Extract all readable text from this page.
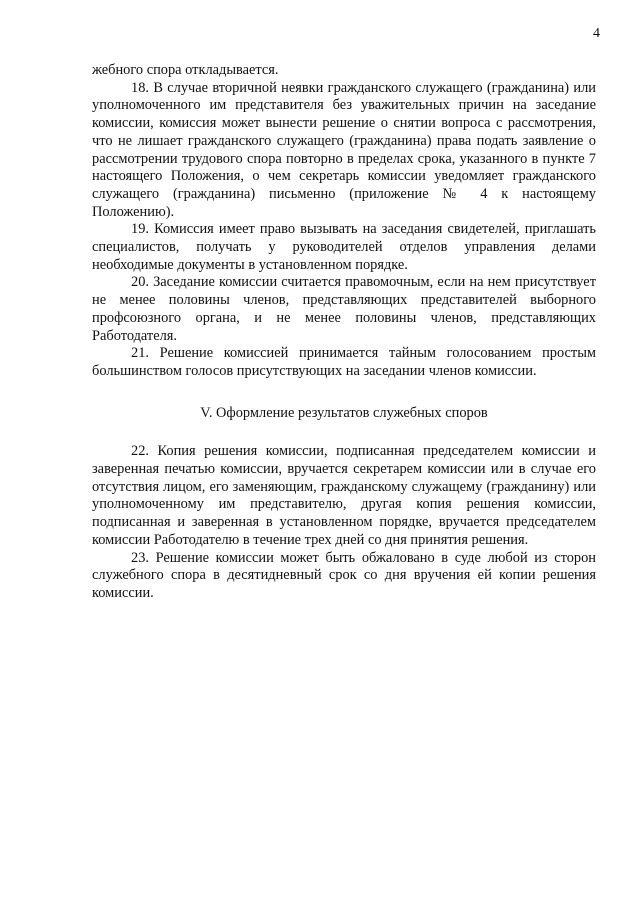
4

жебного спора откладывается.

18. В случае вторичной неявки гражданского служащего (гражданина) или уполномоченного им представителя без уважительных причин на заседание комиссии, комиссия может вынести решение о снятии вопроса с рассмотрения, что не лишает гражданского служащего (гражданина) права подать заявление о рассмотрении трудового спора повторно в пределах срока, указанного в пункте 7 настоящего Положения, о чем секретарь комиссии уведомляет гражданского служащего (гражданина) письменно (приложение № 4 к настоящему Положению).

19. Комиссия имеет право вызывать на заседания свидетелей, приглашать специалистов, получать у руководителей отделов управления делами необходимые документы в установленном порядке.

20. Заседание комиссии считается правомочным, если на нем присутствует не менее половины членов, представляющих представителей выборного профсоюзного органа, и не менее половины членов, представляющих Работодателя.

21. Решение комиссией принимается тайным голосованием простым большинством голосов присутствующих на заседании членов комиссии.

V. Оформление результатов служебных споров

22. Копия решения комиссии, подписанная председателем комиссии и заверенная печатью комиссии, вручается секретарем комиссии или в случае его отсутствия лицом, его заменяющим, гражданскому служащему (гражданину) или уполномоченному им представителю, другая копия решения комиссии, подписанная и заверенная в установленном порядке, вручается председателем комиссии Работодателю в течение трех дней со дня принятия решения.

23. Решение комиссии может быть обжаловано в суде любой из сторон служебного спора в десятидневный срок со дня вручения ей копии решения комиссии.
